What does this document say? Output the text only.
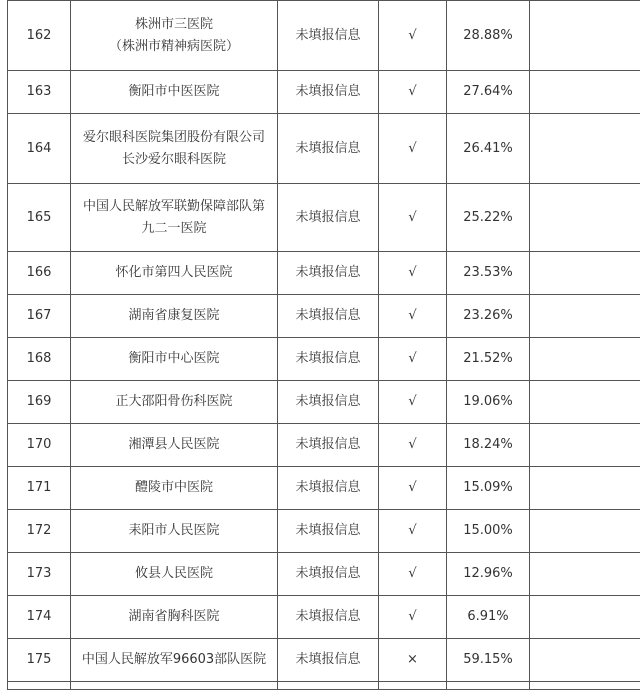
162	株洲市三医院
（株洲市精神病医院）	未填报信息	√	28.88%	
163	衡阳市中医医院	未填报信息	√	27.64%	
164	爱尔眼科医院集团股份有限公司
长沙爱尔眼科医院	未填报信息	√	26.41%	
165	中国人民解放军联勤保障部队第
九二一医院	未填报信息	√	25.22%	
166	怀化市第四人民医院	未填报信息	√	23.53%	
167	湖南省康复医院	未填报信息	√	23.26%	
168	衡阳市中心医院	未填报信息	√	21.52%	
169	正大邵阳骨伤科医院	未填报信息	√	19.06%	
170	湘潭县人民医院	未填报信息	√	18.24%	
171	醴陵市中医院	未填报信息	√	15.09%	
172	耒阳市人民医院	未填报信息	√	15.00%	
173	攸县人民医院	未填报信息	√	12.96%	
174	湖南省胸科医院	未填报信息	√	6.91%	
175	中国人民解放军96603部队医院	未填报信息	×	59.15%	
